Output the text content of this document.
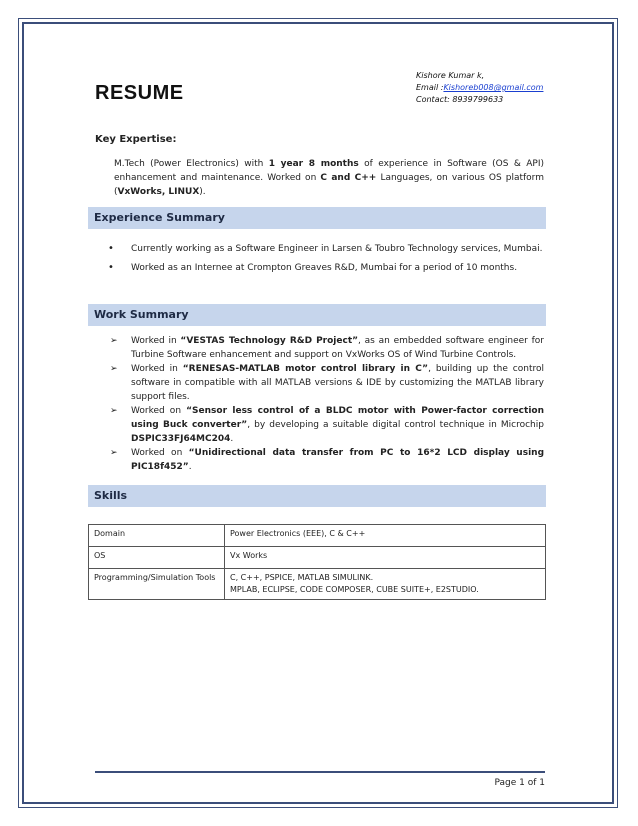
RESUME
Kishore Kumar k,
Email :Kishoreb008@gmail.com
Contact: 8939799633
Key Expertise:
M.Tech (Power Electronics) with 1 year 8 months of experience in Software (OS & API) enhancement and maintenance. Worked on C and C++ Languages, on various OS platform (VxWorks, LINUX).
Experience Summary
• Currently working as a Software Engineer in Larsen & Toubro Technology services, Mumbai.
• Worked as an Internee at Crompton Greaves R&D, Mumbai for a period of 10 months.
Work Summary
➢ Worked in “VESTAS Technology R&D Project”, as an embedded software engineer for Turbine Software enhancement and support on VxWorks OS of Wind Turbine Controls.
➢ Worked in “RENESAS-MATLAB motor control library in C”, building up the control software in compatible with all MATLAB versions & IDE by customizing the MATLAB library support files.
➢ Worked on “Sensor less control of a BLDC motor with Power-factor correction using Buck converter”, by developing a suitable digital control technique in Microchip DSPIC33FJ64MC204.
➢ Worked on “Unidirectional data transfer from PC to 16*2 LCD display using PIC18f452”.
Skills
Domain	Power Electronics (EEE), C & C++
OS	Vx Works
Programming/Simulation Tools	C, C++, PSPICE, MATLAB SIMULINK.
MPLAB, ECLIPSE, CODE COMPOSER, CUBE SUITE+, E2STUDIO.
Page 1 of 1
